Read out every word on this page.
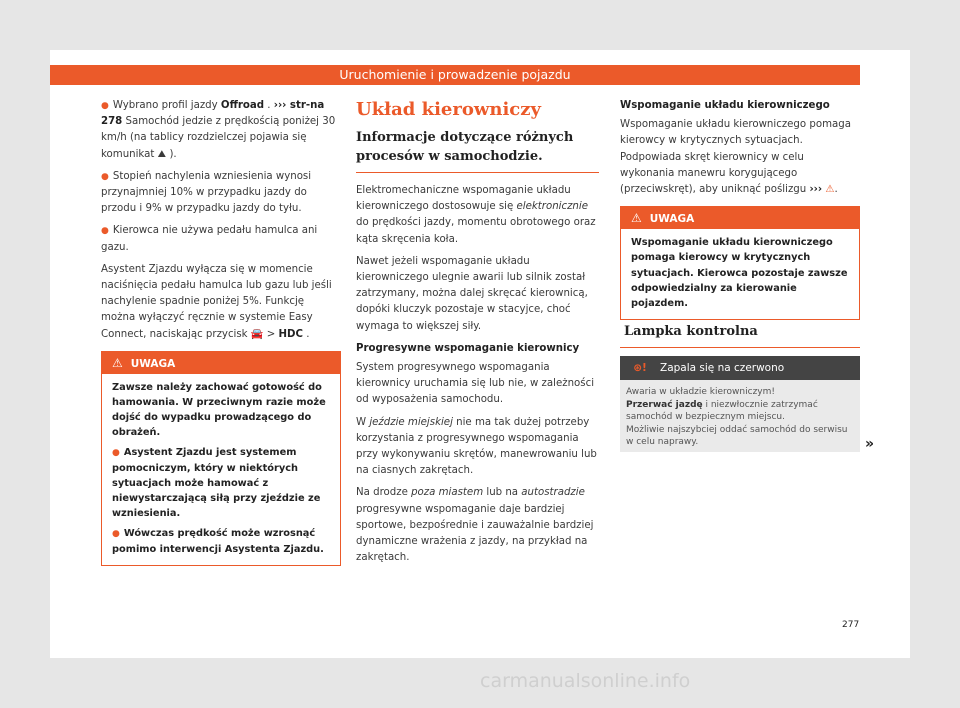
Uruchomienie i prowadzenie pojazdu

● Wybrano profil jazdy Offroad . ››› str-na 278 Samochód jedzie z prędkością poniżej 30 km/h (na tablicy rozdzielczej pojawia się komunikat ⛰ ).

● Stopień nachylenia wzniesienia wynosi przynajmniej 10% w przypadku jazdy do przodu i 9% w przypadku jazdy do tyłu.

● Kierowca nie używa pedału hamulca ani gazu.

Asystent Zjazdu wyłącza się w momencie naciśnięcia pedału hamulca lub gazu lub jeśli nachylenie spadnie poniżej 5%. Funkcję można wyłączyć ręcznie w systemie Easy Connect, naciskając przycisk 🚘 > HDC .

⚠ UWAGA

Zawsze należy zachować gotowość do hamowania. W przeciwnym razie może dojść do wypadku prowadzącego do obrażeń.

● Asystent Zjazdu jest systemem pomocniczym, który w niektórych sytuacjach może hamować z niewystarczającą siłą przy zjeździe ze wzniesienia.

● Wówczas prędkość może wzrosnąć pomimo interwencji Asystenta Zjazdu.

Układ kierowniczy
Informacje dotyczące różnych procesów w samochodzie.

Elektromechaniczne wspomaganie układu kierowniczego dostosowuje się elektronicznie do prędkości jazdy, momentu obrotowego oraz kąta skręcenia koła.

Nawet jeżeli wspomaganie układu kierowniczego ulegnie awarii lub silnik został zatrzymany, można dalej skręcać kierownicą, dopóki kluczyk pozostaje w stacyjce, choć wymaga to większej siły.

Progresywne wspomaganie kierownicy

System progresywnego wspomagania kierownicy uruchamia się lub nie, w zależności od wyposażenia samochodu.

W jeździe miejskiej nie ma tak dużej potrzeby korzystania z progresywnego wspomagania przy wykonywaniu skrętów, manewrowaniu lub na ciasnych zakrętach.

Na drodze poza miastem lub na autostradzie progresywne wspomaganie daje bardziej sportowe, bezpośrednie i zauważalnie bardziej dynamiczne wrażenia z jazdy, na przykład na zakrętach.

Wspomaganie układu kierowniczego

Wspomaganie układu kierowniczego pomaga kierowcy w krytycznych sytuacjach. Podpowiada skręt kierownicy w celu wykonania manewru korygującego (przeciwskręt), aby uniknąć poślizgu ››› ⚠.

⚠ UWAGA

Wspomaganie układu kierowniczego pomaga kierowcy w krytycznych sytuacjach. Kierowca pozostaje zawsze odpowiedzialny za kierowanie pojazdem.

Lampka kontrolna
⊛! Zapala się na czerwono
Awaria w układzie kierowniczym!
Przerwać jazdę i niezwłocznie zatrzymać samochód w bezpiecznym miejscu.
Możliwie najszybciej oddać samochód do serwisu w celu naprawy.	»
277
carmanualsonline.info
